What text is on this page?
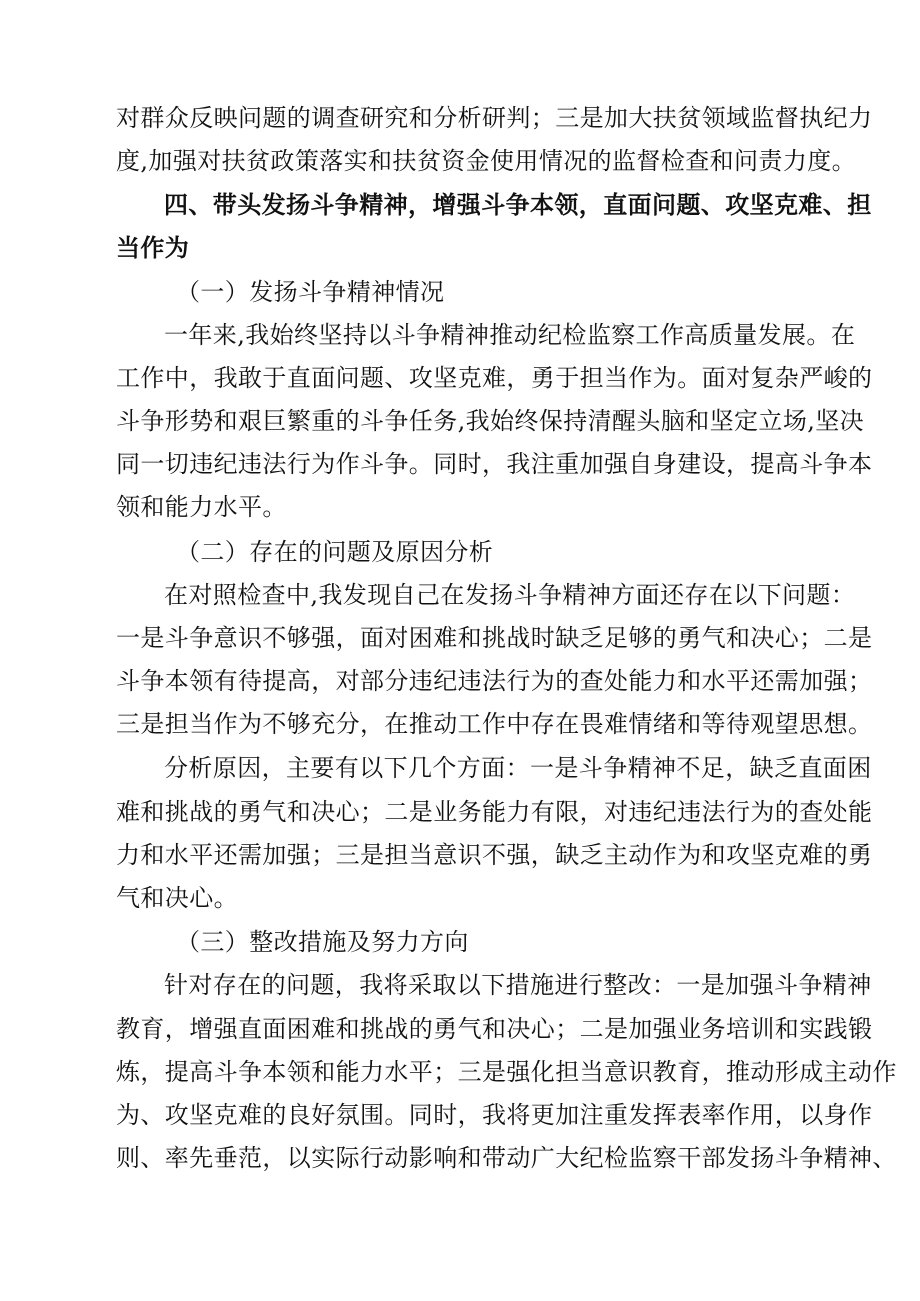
对群众反映问题的调查研究和分析研判；三是加大扶贫领域监督执纪力
度,加强对扶贫政策落实和扶贫资金使用情况的监督检查和问责力度。
四、带头发扬斗争精神，增强斗争本领，直面问题、攻坚克难、担
当作为
（一）发扬斗争精神情况
一年来,我始终坚持以斗争精神推动纪检监察工作高质量发展。在
工作中，我敢于直面问题、攻坚克难，勇于担当作为。面对复杂严峻的
斗争形势和艰巨繁重的斗争任务,我始终保持清醒头脑和坚定立场,坚决
同一切违纪违法行为作斗争。同时，我注重加强自身建设，提高斗争本
领和能力水平。
（二）存在的问题及原因分析
在对照检查中,我发现自己在发扬斗争精神方面还存在以下问题：
一是斗争意识不够强，面对困难和挑战时缺乏足够的勇气和决心；二是
斗争本领有待提高，对部分违纪违法行为的查处能力和水平还需加强；
三是担当作为不够充分，在推动工作中存在畏难情绪和等待观望思想。
分析原因，主要有以下几个方面：一是斗争精神不足，缺乏直面困
难和挑战的勇气和决心；二是业务能力有限，对违纪违法行为的查处能
力和水平还需加强；三是担当意识不强，缺乏主动作为和攻坚克难的勇
气和决心。
（三）整改措施及努力方向
针对存在的问题，我将采取以下措施进行整改：一是加强斗争精神
教育，增强直面困难和挑战的勇气和决心；二是加强业务培训和实践锻
炼，提高斗争本领和能力水平；三是强化担当意识教育，推动形成主动作
为、攻坚克难的良好氛围。同时，我将更加注重发挥表率作用，以身作
则、率先垂范，以实际行动影响和带动广大纪检监察干部发扬斗争精神、
